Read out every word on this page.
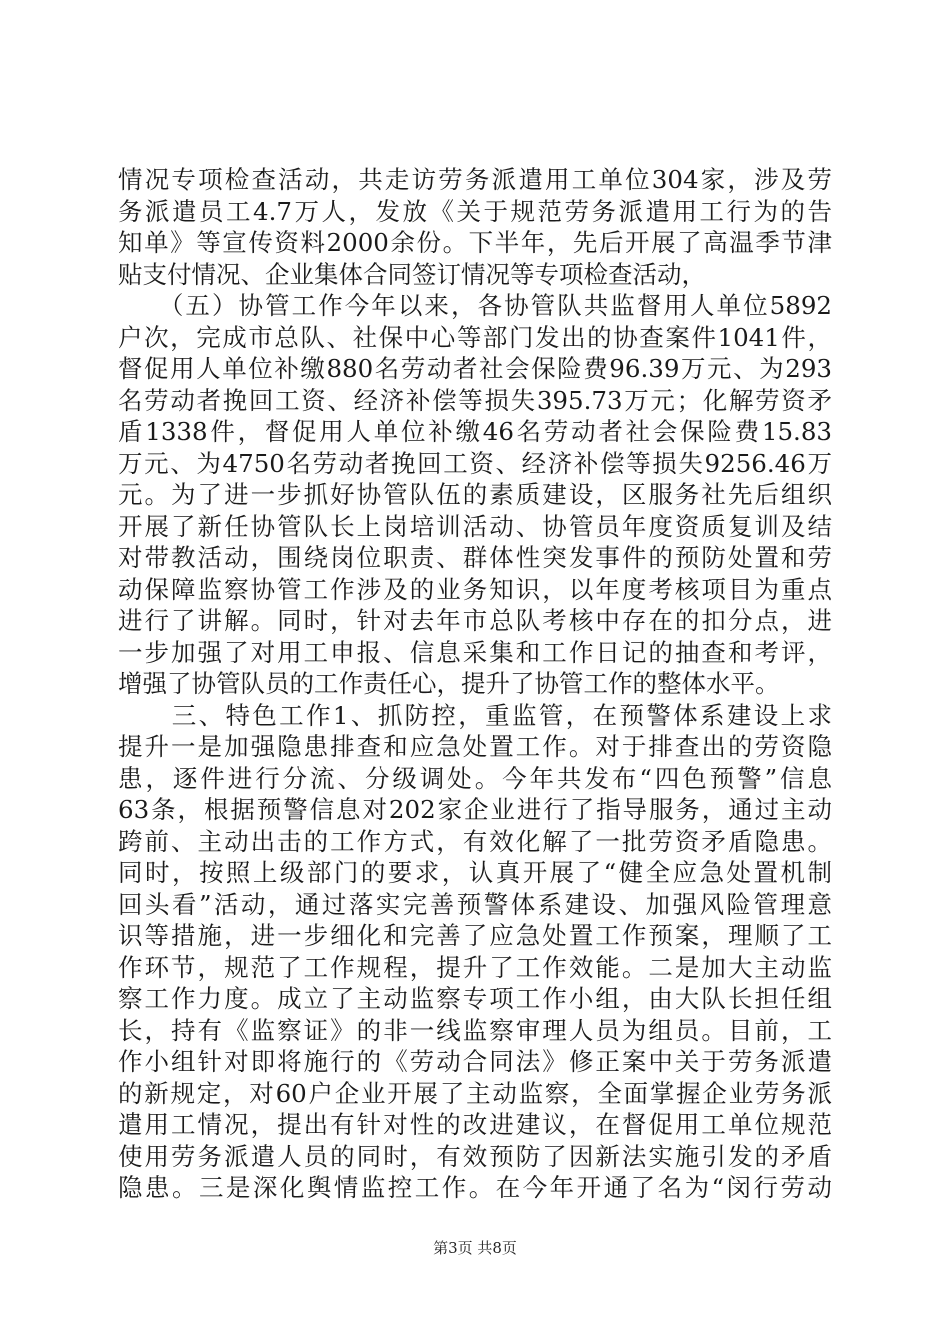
情况专项检查活动，共走访劳务派遣用工单位304家，涉及劳
务派遣员工4.7万人，发放《关于规范劳务派遣用工行为的告
知单》等宣传资料2000余份。下半年，先后开展了高温季节津
贴支付情况、企业集体合同签订情况等专项检查活动，
　　（五）协管工作今年以来，各协管队共监督用人单位5892
户次，完成市总队、社保中心等部门发出的协查案件1041件，
督促用人单位补缴880名劳动者社会保险费96.39万元、为293
名劳动者挽回工资、经济补偿等损失395.73万元；化解劳资矛
盾1338件，督促用人单位补缴46名劳动者社会保险费15.83
万元、为4750名劳动者挽回工资、经济补偿等损失9256.46万
元。为了进一步抓好协管队伍的素质建设，区服务社先后组织
开展了新任协管队长上岗培训活动、协管员年度资质复训及结
对带教活动，围绕岗位职责、群体性突发事件的预防处置和劳
动保障监察协管工作涉及的业务知识，以年度考核项目为重点
进行了讲解。同时，针对去年市总队考核中存在的扣分点，进
一步加强了对用工申报、信息采集和工作日记的抽查和考评，
增强了协管队员的工作责任心，提升了协管工作的整体水平。
　　三、特色工作1、抓防控，重监管，在预警体系建设上求
提升一是加强隐患排查和应急处置工作。对于排查出的劳资隐
患，逐件进行分流、分级调处。今年共发布“四色预警”信息
63条，根据预警信息对202家企业进行了指导服务，通过主动
跨前、主动出击的工作方式，有效化解了一批劳资矛盾隐患。
同时，按照上级部门的要求，认真开展了“健全应急处置机制
回头看”活动，通过落实完善预警体系建设、加强风险管理意
识等措施，进一步细化和完善了应急处置工作预案，理顺了工
作环节，规范了工作规程，提升了工作效能。二是加大主动监
察工作力度。成立了主动监察专项工作小组，由大队长担任组
长，持有《监察证》的非一线监察审理人员为组员。目前，工
作小组针对即将施行的《劳动合同法》修正案中关于劳务派遣
的新规定，对60户企业开展了主动监察，全面掌握企业劳务派
遣用工情况，提出有针对性的改进建议，在督促用工单位规范
使用劳务派遣人员的同时，有效预防了因新法实施引发的矛盾
隐患。三是深化舆情监控工作。在今年开通了名为“闵行劳动
第3页 共8页
